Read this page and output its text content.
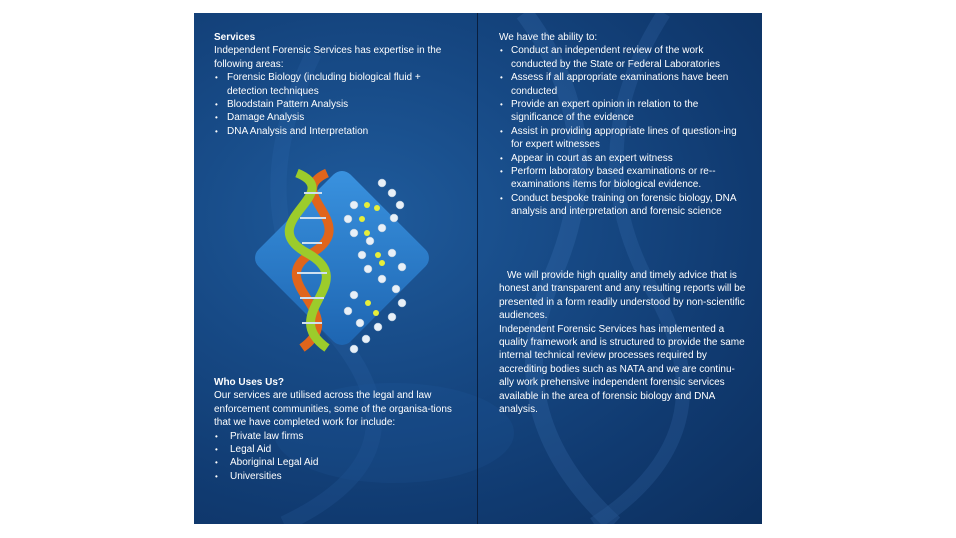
Services

Independent Forensic Services has expertise in the following areas:

• Forensic Biology (including biological fluid + detection techniques
• Bloodstain Pattern Analysis
• Damage Analysis
• DNA Analysis and Interpretation
Who Uses Us?

Our services are utilised across the legal and law enforcement communities, some of the organisa-tions that we have completed work for include:

• Private law firms
• Legal Aid
• Aboriginal Legal Aid
• Universities

We have the ability to:

• Conduct an independent review of the work conducted by the State or Federal Laboratories
• Assess if all appropriate examinations have been conducted
• Provide an expert opinion in relation to the significance of the evidence
• Assist in providing appropriate lines of question-ing for expert witnesses
• Appear in court as an expert witness
• Perform laboratory based examinations or re--examinations items for biological evidence.
• Conduct bespoke training on forensic biology, DNA analysis and interpretation and forensic science

We will provide high quality and timely advice that is honest and transparent and any resulting reports will be presented in a form readily understood by non-scientific audiences.

Independent Forensic Services has implemented a quality framework and is structured to provide the same internal technical review processes required by accrediting bodies such as NATA and we are continu-ally work prehensive independent forensic services available in the area of forensic biology and DNA analysis.
